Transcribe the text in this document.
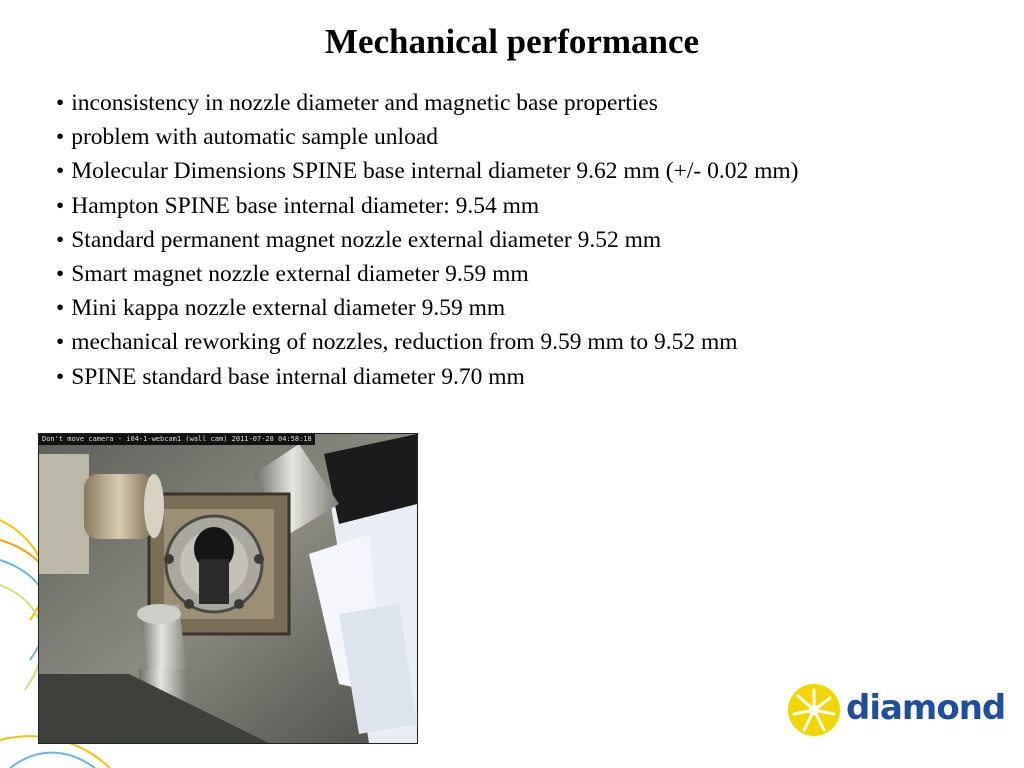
Mechanical performance
• inconsistency in nozzle diameter and magnetic base properties
• problem with automatic sample unload
• Molecular Dimensions SPINE base internal diameter 9.62 mm (+/- 0.02 mm)
• Hampton SPINE base internal diameter: 9.54 mm
• Standard permanent magnet nozzle external diameter 9.52 mm
• Smart magnet nozzle external diameter 9.59 mm
• Mini kappa nozzle external diameter 9.59 mm
• mechanical reworking of nozzles, reduction from 9.59 mm to 9.52 mm
• SPINE standard base internal diameter 9.70 mm
Don't move camera - i04-1-webcam1 (wall cam) 2011-07-28 04:58:18
diamond
